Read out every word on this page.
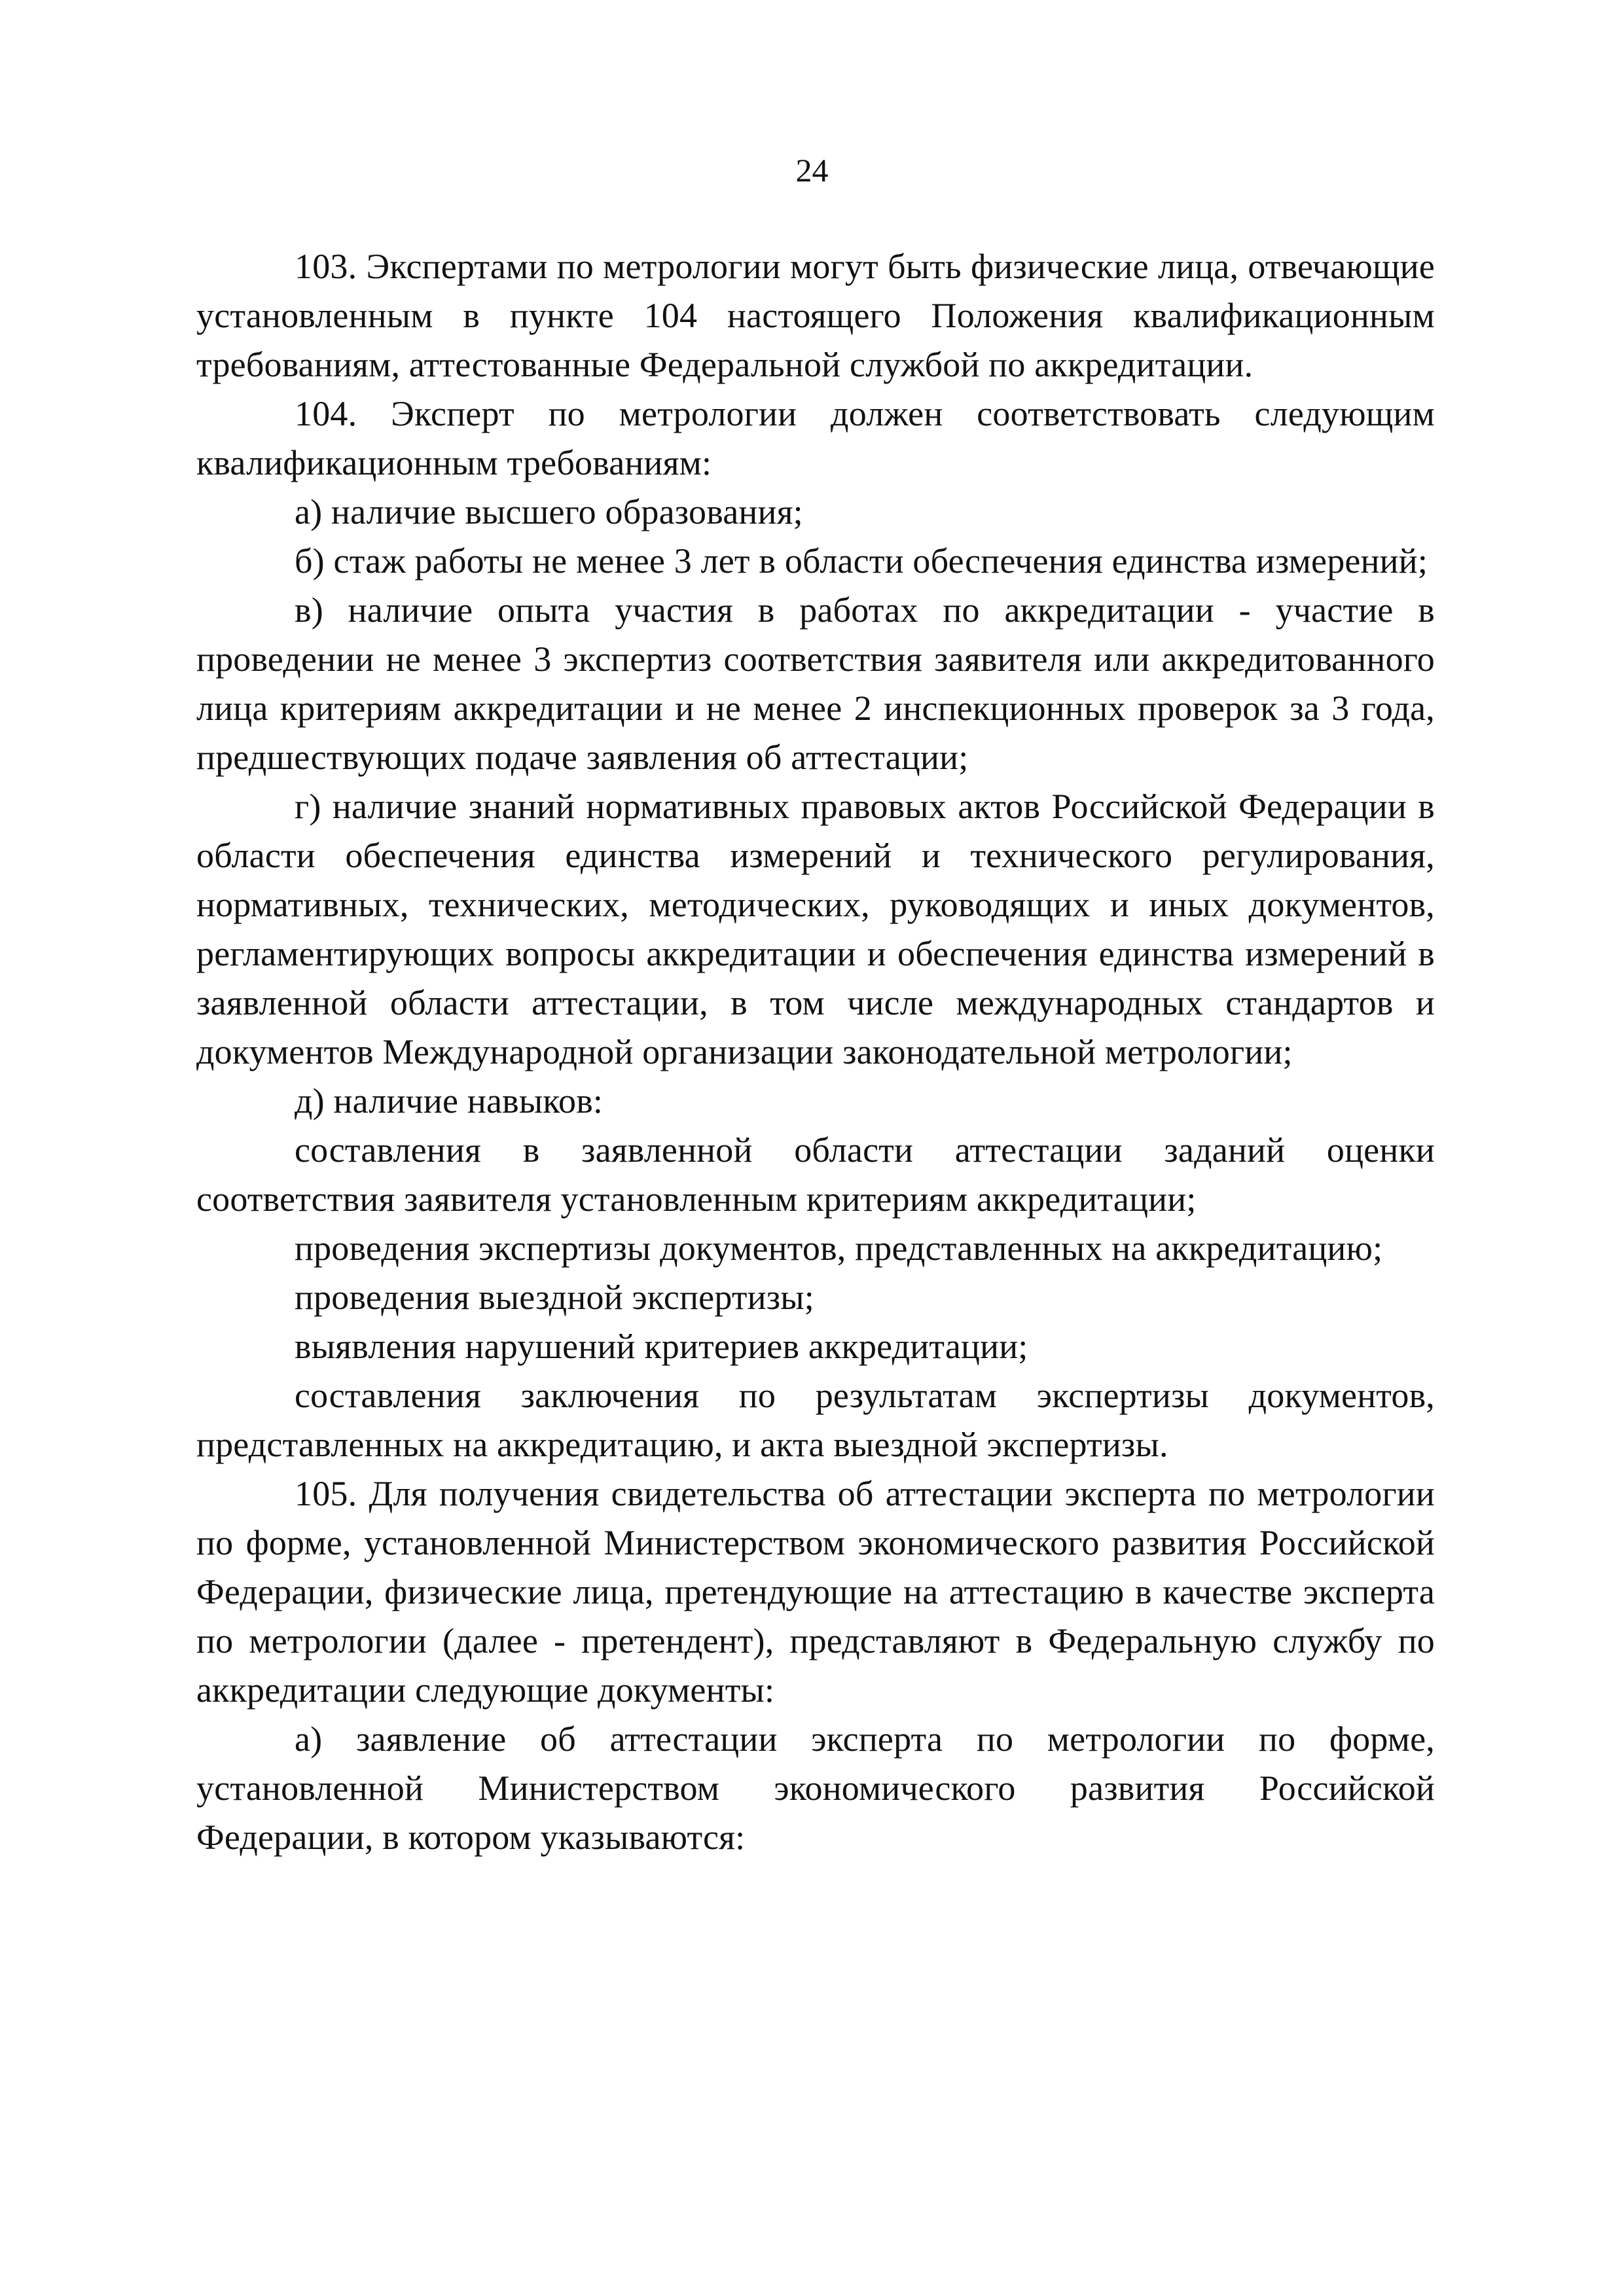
24

103. Экспертами по метрологии могут быть физические лица, отвечающие установленным в пункте 104 настоящего Положения квалификационным требованиям, аттестованные Федеральной службой по аккредитации.

104. Эксперт по метрологии должен соответствовать следующим квалификационным требованиям:

а) наличие высшего образования;

б) стаж работы не менее 3 лет в области обеспечения единства измерений;

в) наличие опыта участия в работах по аккредитации - участие в проведении не менее 3 экспертиз соответствия заявителя или аккредитованного лица критериям аккредитации и не менее 2 инспекционных проверок за 3 года, предшествующих подаче заявления об аттестации;

г) наличие знаний нормативных правовых актов Российской Федерации в области обеспечения единства измерений и технического регулирования, нормативных, технических, методических, руководящих и иных документов, регламентирующих вопросы аккредитации и обеспечения единства измерений в заявленной области аттестации, в том числе международных стандартов и документов Международной организации законодательной метрологии;

д) наличие навыков:

составления в заявленной области аттестации заданий оценки соответствия заявителя установленным критериям аккредитации;

проведения экспертизы документов, представленных на аккредитацию;

проведения выездной экспертизы;

выявления нарушений критериев аккредитации;

составления заключения по результатам экспертизы документов, представленных на аккредитацию, и акта выездной экспертизы.

105. Для получения свидетельства об аттестации эксперта по метрологии по форме, установленной Министерством экономического развития Российской Федерации, физические лица, претендующие на аттестацию в качестве эксперта по метрологии (далее - претендент), представляют в Федеральную службу по аккредитации следующие документы:

а) заявление об аттестации эксперта по метрологии по форме, установленной Министерством экономического развития Российской Федерации, в котором указываются:
